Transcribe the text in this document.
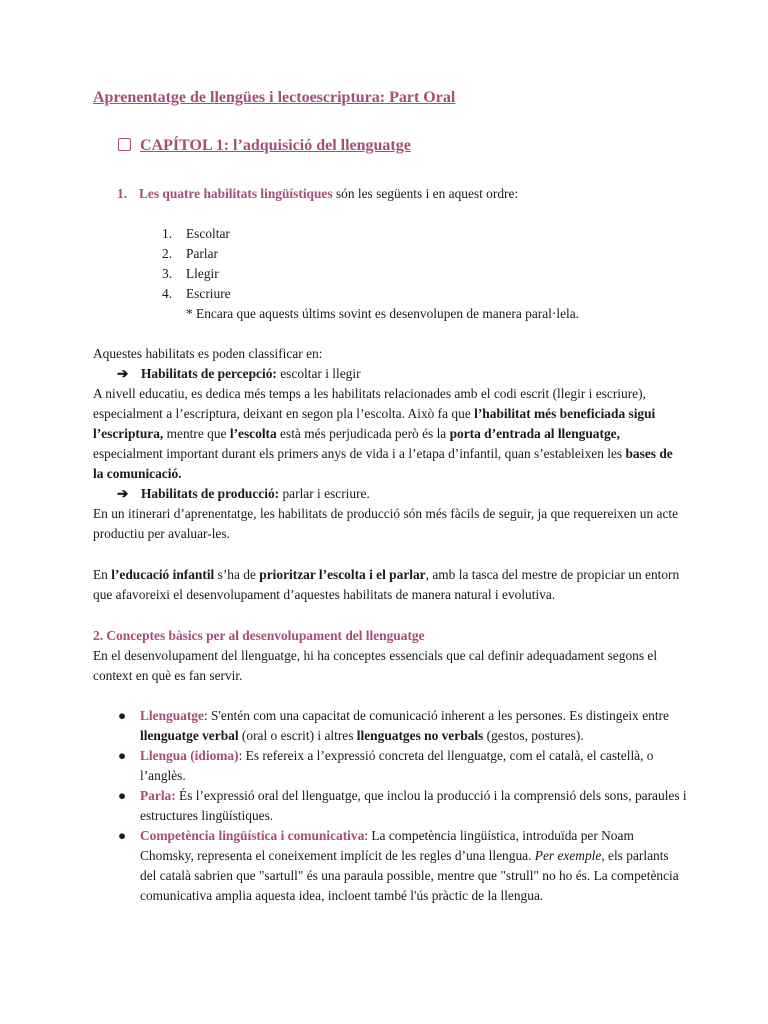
Aprenentatge de llengües i lectoescriptura: Part Oral
CAPÍTOL 1: l’adquisició del llenguatge
1. Les quatre habilitats lingüístiques són les següents i en aquest ordre:
1. Escoltar
2. Parlar
3. Llegir
4. Escriure
* Encara que aquests últims sovint es desenvolupen de manera paral·lela.
Aquestes habilitats es poden classificar en:
➔ Habilitats de percepció: escoltar i llegir
A nivell educatiu, es dedica més temps a les habilitats relacionades amb el codi escrit (llegir i escriure), especialment a l’escriptura, deixant en segon pla l’escolta. Això fa que l’habilitat més beneficiada sigui l’escriptura, mentre que l’escolta està més perjudicada però és la porta d’entrada al llenguatge, especialment important durant els primers anys de vida i a l’etapa d’infantil, quan s’estableixen les bases de la comunicació.
➔ Habilitats de producció: parlar i escriure.
En un itinerari d’aprenentatge, les habilitats de producció són més fàcils de seguir, ja que requereixen un acte productiu per avaluar-les.
En l’educació infantil s’ha de prioritzar l’escolta i el parlar, amb la tasca del mestre de propiciar un entorn que afavoreixi el desenvolupament d’aquestes habilitats de manera natural i evolutiva.
2. Conceptes bàsics per al desenvolupament del llenguatge
En el desenvolupament del llenguatge, hi ha conceptes essencials que cal definir adequadament segons el context en què es fan servir.
● Llenguatge: S'entén com una capacitat de comunicació inherent a les persones. Es distingeix entre llenguatge verbal (oral o escrit) i altres llenguatges no verbals (gestos, postures).
● Llengua (idioma): Es refereix a l’expressió concreta del llenguatge, com el català, el castellà, o l’anglès.
● Parla: És l’expressió oral del llenguatge, que inclou la producció i la comprensió dels sons, paraules i estructures lingüístiques.
● Competència lingüística i comunicativa: La competència lingüística, introduïda per Noam Chomsky, representa el coneixement implícit de les regles d’una llengua. Per exemple, els parlants del català sabrien que "sartull" és una paraula possible, mentre que "strull" no ho és. La competència comunicativa amplia aquesta idea, incloent també l'ús pràctic de la llengua.
